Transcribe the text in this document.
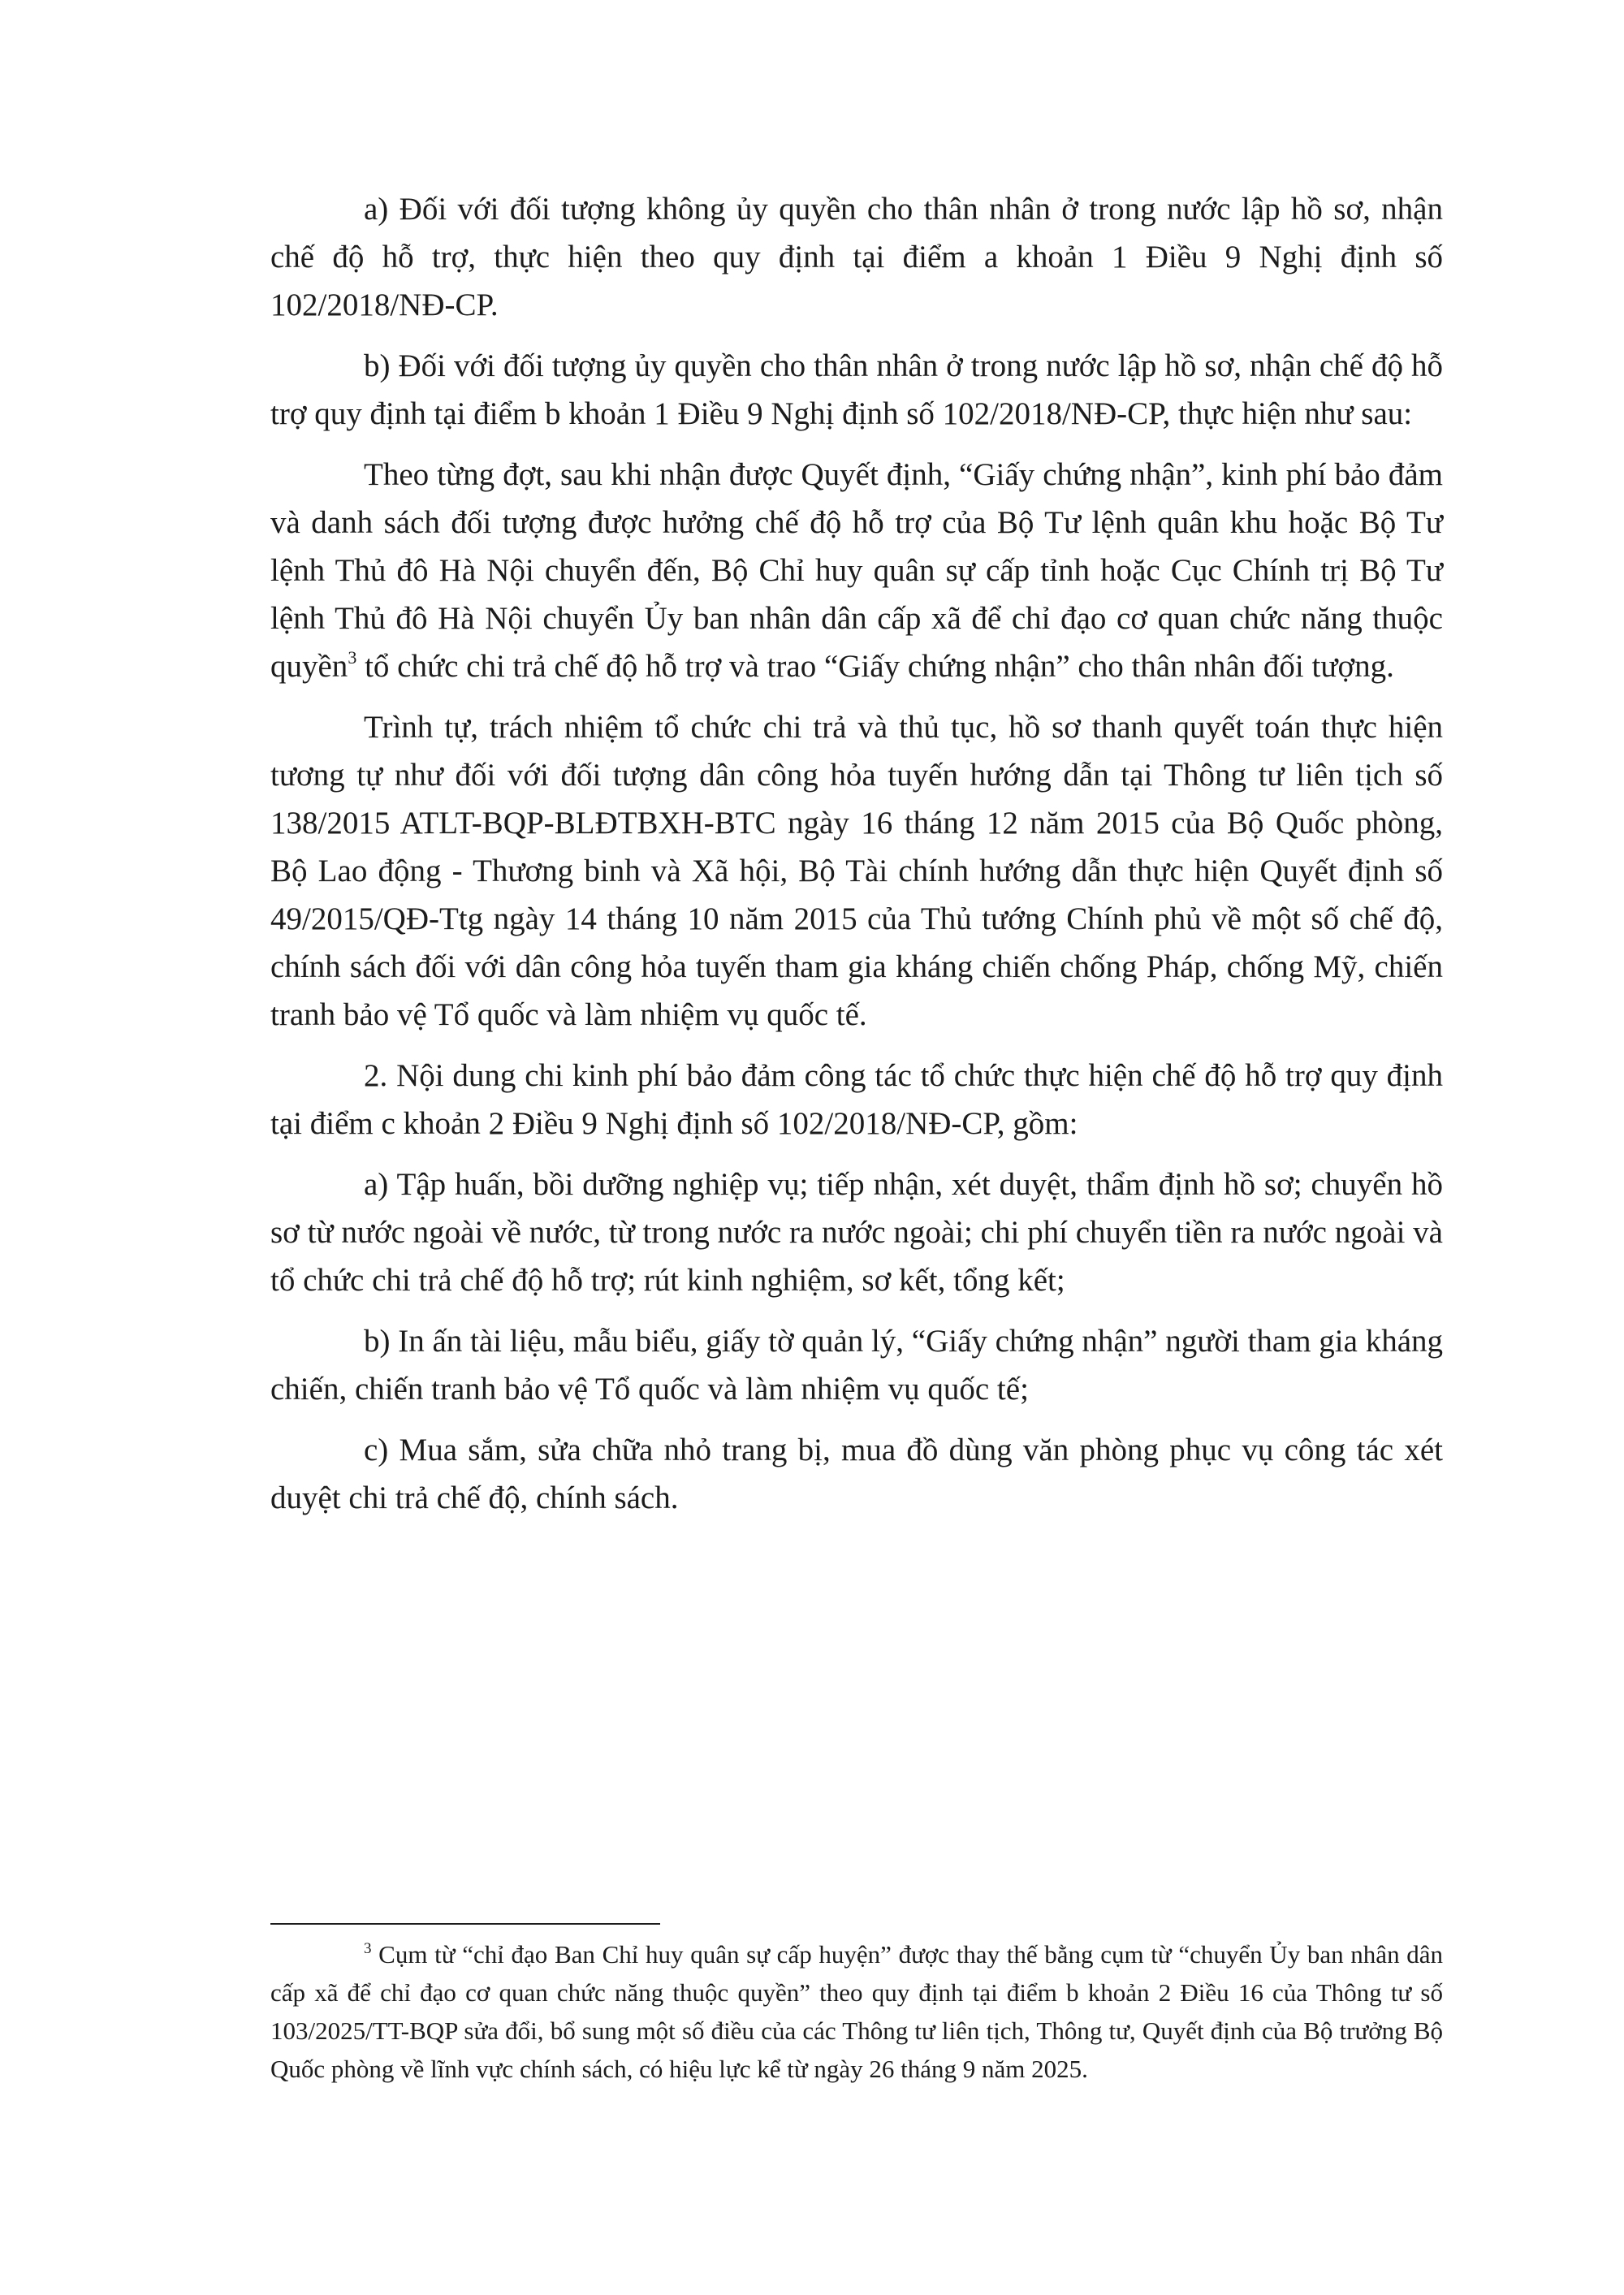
a) Đối với đối tượng không ủy quyền cho thân nhân ở trong nước lập hồ sơ, nhận chế độ hỗ trợ, thực hiện theo quy định tại điểm a khoản 1 Điều 9 Nghị định số 102/2018/NĐ-CP.

b) Đối với đối tượng ủy quyền cho thân nhân ở trong nước lập hồ sơ, nhận chế độ hỗ trợ quy định tại điểm b khoản 1 Điều 9 Nghị định số 102/2018/NĐ-CP, thực hiện như sau:

Theo từng đợt, sau khi nhận được Quyết định, “Giấy chứng nhận”, kinh phí bảo đảm và danh sách đối tượng được hưởng chế độ hỗ trợ của Bộ Tư lệnh quân khu hoặc Bộ Tư lệnh Thủ đô Hà Nội chuyển đến, Bộ Chỉ huy quân sự cấp tỉnh hoặc Cục Chính trị Bộ Tư lệnh Thủ đô Hà Nội chuyển Ủy ban nhân dân cấp xã để chỉ đạo cơ quan chức năng thuộc quyền$^3$ tổ chức chi trả chế độ hỗ trợ và trao “Giấy chứng nhận” cho thân nhân đối tượng.

Trình tự, trách nhiệm tổ chức chi trả và thủ tục, hồ sơ thanh quyết toán thực hiện tương tự như đối với đối tượng dân công hỏa tuyến hướng dẫn tại Thông tư liên tịch số 138/2015 ATLT-BQP-BLĐTBXH-BTC ngày 16 tháng 12 năm 2015 của Bộ Quốc phòng, Bộ Lao động - Thương binh và Xã hội, Bộ Tài chính hướng dẫn thực hiện Quyết định số 49/2015/QĐ-Ttg ngày 14 tháng 10 năm 2015 của Thủ tướng Chính phủ về một số chế độ, chính sách đối với dân công hỏa tuyến tham gia kháng chiến chống Pháp, chống Mỹ, chiến tranh bảo vệ Tổ quốc và làm nhiệm vụ quốc tế.

2. Nội dung chi kinh phí bảo đảm công tác tổ chức thực hiện chế độ hỗ trợ quy định tại điểm c khoản 2 Điều 9 Nghị định số 102/2018/NĐ-CP, gồm:

a) Tập huấn, bồi dưỡng nghiệp vụ; tiếp nhận, xét duyệt, thẩm định hồ sơ; chuyển hồ sơ từ nước ngoài về nước, từ trong nước ra nước ngoài; chi phí chuyển tiền ra nước ngoài và tổ chức chi trả chế độ hỗ trợ; rút kinh nghiệm, sơ kết, tổng kết;

b) In ấn tài liệu, mẫu biểu, giấy tờ quản lý, “Giấy chứng nhận” người tham gia kháng chiến, chiến tranh bảo vệ Tổ quốc và làm nhiệm vụ quốc tế;

c) Mua sắm, sửa chữa nhỏ trang bị, mua đồ dùng văn phòng phục vụ công tác xét duyệt chi trả chế độ, chính sách.

$^3$ Cụm từ “chỉ đạo Ban Chỉ huy quân sự cấp huyện” được thay thế bằng cụm từ “chuyển Ủy ban nhân dân cấp xã để chỉ đạo cơ quan chức năng thuộc quyền” theo quy định tại điểm b khoản 2 Điều 16 của Thông tư số 103/2025/TT-BQP sửa đổi, bổ sung một số điều của các Thông tư liên tịch, Thông tư, Quyết định của Bộ trưởng Bộ Quốc phòng về lĩnh vực chính sách, có hiệu lực kể từ ngày 26 tháng 9 năm 2025.
